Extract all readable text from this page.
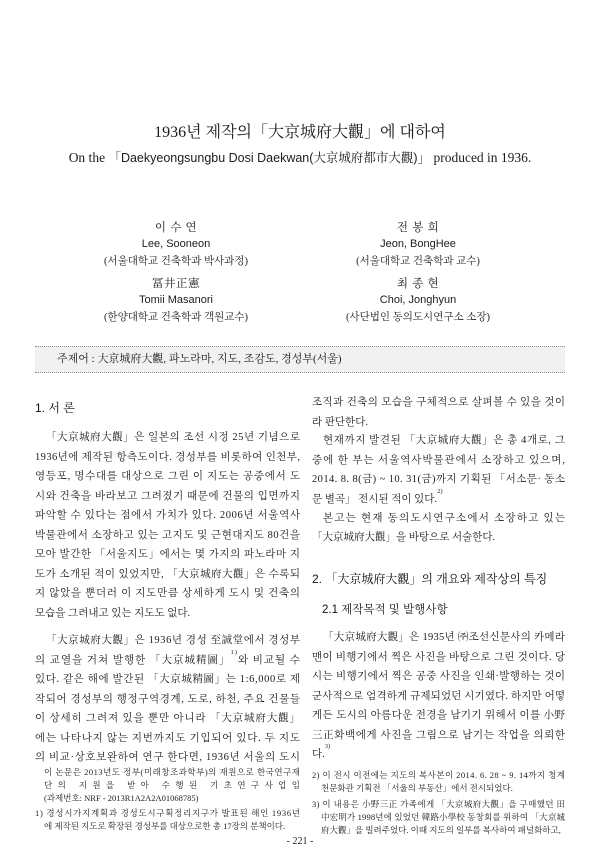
1936년 제작의「大京城府大觀」에 대하여
On the 「Daekyeongsungbu Dosi Daekwan(大京城府都市大觀)」 produced in 1936.
이 수 연
Lee, Sooneon
(서울대학교 건축학과 박사과정)
전 봉 희
Jeon, BongHee
(서울대학교 건축학과 교수)
冨井正憲
Tomii Masanori
(한양대학교 건축학과 객원교수)
최 종 현
Choi, Jonghyun
(사단법인 동의도시연구소 소장)
주제어 : 大京城府大觀, 파노라마, 지도, 조감도, 경성부(서울)
1. 서 론
「大京城府大觀」은 일본의 조선 시정 25년 기념으로
1936년에 제작된 항측도이다. 경성부를 비롯하여 인천부,
영등포, 명수대를 대상으로 그린 이 지도는 공중에서 도
시와 건축을 바라보고 그려졌기 때문에 건물의 입면까지
파악할 수 있다는 점에서 가치가 있다. 2006년 서울역사
박물관에서 소장하고 있는 고지도 및 근현대지도 80건을
모아 발간한 「서울지도」에서는 몇 가지의 파노라마 지
도가 소개된 적이 있었지만, 「大京城府大觀」은 수록되
지 않았을 뿐더러 이 지도만큼 상세하게 도시 및 건축의
모습을 그려내고 있는 지도도 없다.
「大京城府大觀」은 1936년 경성 至誠堂에서 경성부
의 교열을 거쳐 발행한 「大京城精圖」$^{1)}$와 비교될 수
있다. 같은 해에 발간된 「大京城精圖」는 1:6,000로 제
작되어 경성부의 행정구역경계, 도로, 하천, 주요 건물들
이 상세히 그려져 있을 뿐만 아니라 「大京城府大觀」
에는 나타나지 않는 지번까지도 기입되어 있다. 두 지도
의 비교·상호보완하여 연구 한다면, 1936년 서울의 도시
조직과 건축의 모습을 구체적으로 살펴볼 수 있을 것이
라 판단한다.
현재까지 발견된 「大京城府大觀」은 총 4개로, 그
중에 한 부는 서울역사박물관에서 소장하고 있으며,
2014. 8. 8(금) ~ 10. 31(금)까지 기획된 「서소문· 동소
문 별곡」 전시된 적이 있다.$^{2)}$
본고는 현재 동의도시연구소에서 소장하고 있는
「大京城府大觀」을 바탕으로 서술한다.
2. 「大京城府大觀」의 개요와 제작상의 특징
2.1 제작목적 및 발행사항
「大京城府大觀」은 1935년 ㈜조선신문사의 카메라
맨이 비행기에서 찍은 사진을 바탕으로 그린 것이다. 당
시는 비행기에서 찍은 공중 사진을 인쇄·발행하는 것이
군사적으로 엄격하게 규제되었던 시기였다. 하지만 어떻
게든 도시의 아름다운 전경을 남기기 위해서 이를 小野
三正화백에게 사진을 그림으로 남기는 작업을 의뢰한
다.$^{3)}$
이 논문은 2013년도 정부(미래창조과학부)의 재원으로 한국연구재
단의 지원을 받아 수행된 기초연구사업임
(과제번호: NRF - 2013R1A2A2A01068785)
1) 경성시가지계획과 경성도시구획정리지구가 발표된 해인 1936년
에 제작된 지도로 확장된 경성부를 대상으로한 총 17장의 분책이다.
2) 이 전시 이전에는 지도의 복사본이 2014. 6. 28 ~ 9. 14까지 청계
천문화관 기획전 「서울의 부동산」에서 전시되었다.
3) 이 내용은 小野三正 가족에게 「大京城府大觀」을 구매했던 田
中宏明가 1998년에 있었던 韓路小學校 동창회를 위하여 「大京城
府大觀」을 빌려주었다. 이때 지도의 일부를 복사하여 패널화하고,
- 221 -
